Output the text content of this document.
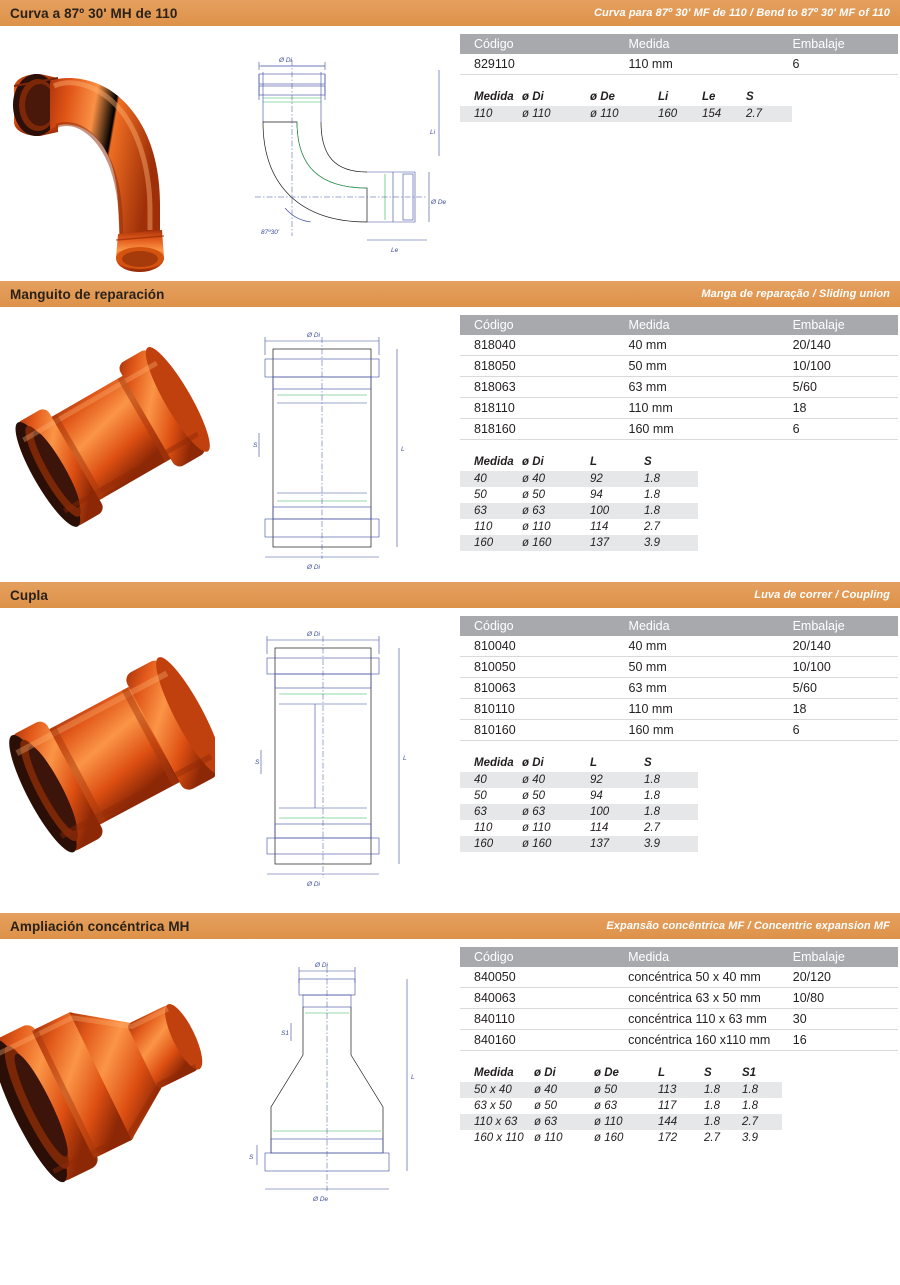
Curva a 87º 30' MH de 110	Curva para 87º 30' MF de 110 / Bend to 87º 30' MF of 110
Ø Di
Ø De
Li
Le
87º30'
Código	Medida	Embalaje
829110	110 mm	6
Medida	ø Di	ø De	Li	Le	S
110	ø 110	ø 110	160	154	2.7
Manguito de reparación	Manga de reparação / Sliding union
Ø Di
Ø Di
S
L
Código	Medida	Embalaje
818040	40 mm	20/140
818050	50 mm	10/100
818063	63 mm	5/60
818110	110 mm	18
818160	160 mm	6
Medida	ø Di	L	S
40	ø 40	92	1.8
50	ø 50	94	1.8
63	ø 63	100	1.8
110	ø 110	114	2.7
160	ø 160	137	3.9
Cupla	Luva de correr / Coupling
Ø Di
Ø Di
S
L
Código	Medida	Embalaje
810040	40 mm	20/140
810050	50 mm	10/100
810063	63 mm	5/60
810110	110 mm	18
810160	160 mm	6
Medida	ø Di	L	S
40	ø 40	92	1.8
50	ø 50	94	1.8
63	ø 63	100	1.8
110	ø 110	114	2.7
160	ø 160	137	3.9
Ampliación concéntrica MH	Expansão concêntrica MF / Concentric expansion MF
Ø Di
S1
L
S
Ø De
Código	Medida	Embalaje
840050	concéntrica 50 x 40 mm	20/120
840063	concéntrica 63 x 50 mm	10/80
840110	concéntrica 110 x 63 mm	30
840160	concéntrica 160 x110 mm	16
Medida	ø Di	ø De	L	S	S1
50 x 40	ø 40	ø 50	113	1.8	1.8
63 x 50	ø 50	ø 63	117	1.8	1.8
110 x 63	ø 63	ø 110	144	1.8	2.7
160 x 110	ø 110	ø 160	172	2.7	3.9
